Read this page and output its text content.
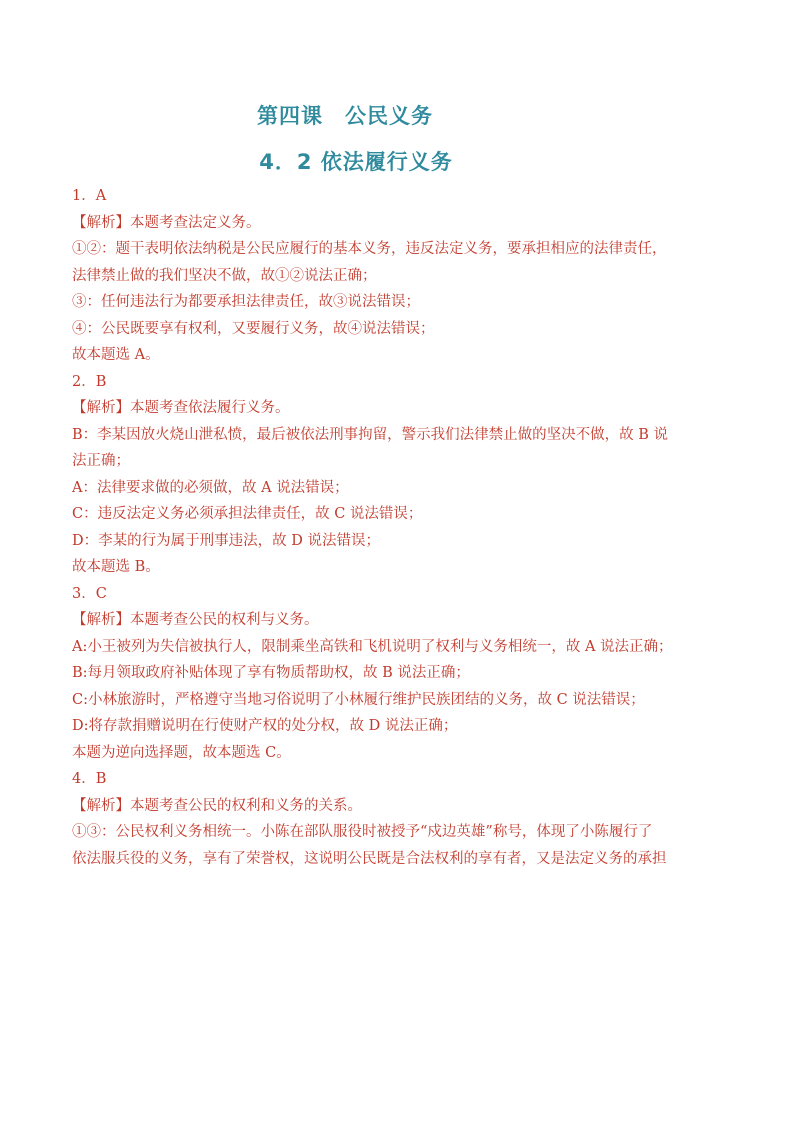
第四课　公民义务
4．2 依法履行义务
1．A
【解析】本题考查法定义务。
①②：题干表明依法纳税是公民应履行的基本义务，违反法定义务，要承担相应的法律责任，
法律禁止做的我们坚决不做，故①②说法正确；
③：任何违法行为都要承担法律责任，故③说法错误；
④：公民既要享有权利，又要履行义务，故④说法错误；
故本题选 A。
2．B
【解析】本题考查依法履行义务。
B：李某因放火烧山泄私愤，最后被依法刑事拘留，警示我们法律禁止做的坚决不做，故 B 说
法正确；
A：法律要求做的必须做，故 A 说法错误；
C：违反法定义务必须承担法律责任，故 C 说法错误；
D：李某的行为属于刑事违法，故 D 说法错误；
故本题选 B。
3．C
【解析】本题考查公民的权利与义务。
A:小王被列为失信被执行人，限制乘坐高铁和飞机说明了权利与义务相统一，故 A 说法正确；
B:每月领取政府补贴体现了享有物质帮助权，故 B 说法正确；
C:小林旅游时，严格遵守当地习俗说明了小林履行维护民族团结的义务，故 C 说法错误；
D:将存款捐赠说明在行使财产权的处分权，故 D 说法正确；
本题为逆向选择题，故本题选 C。
4．B
【解析】本题考查公民的权利和义务的关系。
①③：公民权利义务相统一。小陈在部队服役时被授予“戍边英雄”称号，体现了小陈履行了
依法服兵役的义务，享有了荣誉权，这说明公民既是合法权利的享有者，又是法定义务的承担
